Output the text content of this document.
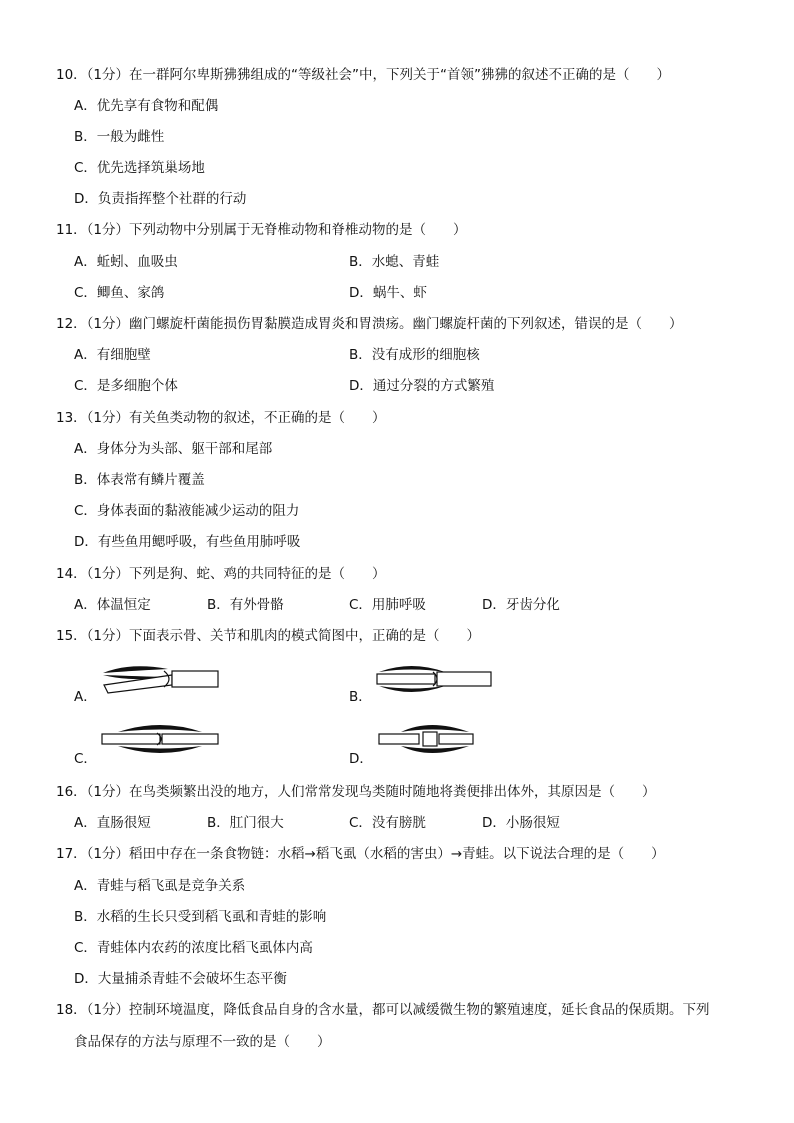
10．（1分）在一群阿尔卑斯狒狒组成的“等级社会”中，下列关于“首领”狒狒的叙述不正确的是（　　）
A．优先享有食物和配偶
B．一般为雌性
C．优先选择筑巢场地
D．负责指挥整个社群的行动
11．（1分）下列动物中分别属于无脊椎动物和脊椎动物的是（　　）
A．蚯蚓、血吸虫	B．水螅、青蛙
C．鲫鱼、家鸽	D．蜗牛、虾
12．（1分）幽门螺旋杆菌能损伤胃黏膜造成胃炎和胃溃疡。幽门螺旋杆菌的下列叙述，错误的是（　　）
A．有细胞壁	B．没有成形的细胞核
C．是多细胞个体	D．通过分裂的方式繁殖
13．（1分）有关鱼类动物的叙述，不正确的是（　　）
A．身体分为头部、躯干部和尾部
B．体表常有鳞片覆盖
C．身体表面的黏液能减少运动的阻力
D．有些鱼用鳃呼吸，有些鱼用肺呼吸
14．（1分）下列是狗、蛇、鸡的共同特征的是（　　）
A．体温恒定	B．有外骨骼	C．用肺呼吸	D．牙齿分化
15．（1分）下面表示骨、关节和肌肉的模式简图中，正确的是（　　）
A．	B．
C．	D．
16．（1分）在鸟类频繁出没的地方，人们常常发现鸟类随时随地将粪便排出体外，其原因是（　　）
A．直肠很短	B．肛门很大	C．没有膀胱	D．小肠很短
17．（1分）稻田中存在一条食物链：水稻→稻飞虱（水稻的害虫）→青蛙。以下说法合理的是（　　）
A．青蛙与稻飞虱是竞争关系
B．水稻的生长只受到稻飞虱和青蛙的影响
C．青蛙体内农药的浓度比稻飞虱体内高
D．大量捕杀青蛙不会破坏生态平衡
18．（1分）控制环境温度，降低食品自身的含水量，都可以减缓微生物的繁殖速度，延长食品的保质期。下列
食品保存的方法与原理不一致的是（　　）
